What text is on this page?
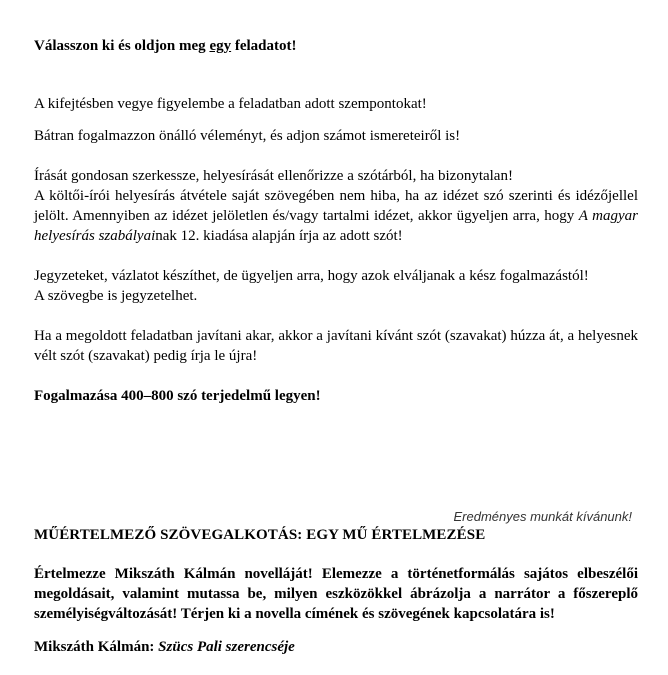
Válasszon ki és oldjon meg egy feladatot!

A kifejtésben vegye figyelembe a feladatban adott szempontokat!

Bátran fogalmazzon önálló véleményt, és adjon számot ismereteiről is!

Írását gondosan szerkessze, helyesírását ellenőrizze a szótárból, ha bizonytalan!

A költői-írói helyesírás átvétele saját szövegében nem hiba, ha az idézet szó szerinti és idézőjellel jelölt. Amennyiben az idézet jelöletlen és/vagy tartalmi idézet, akkor ügyeljen arra, hogy A magyar helyesírás szabályainak 12. kiadása alapján írja az adott szót!

Jegyzeteket, vázlatot készíthet, de ügyeljen arra, hogy azok elváljanak a kész fogalmazástól!

A szövegbe is jegyzetelhet.

Ha a megoldott feladatban javítani akar, akkor a javítani kívánt szót (szavakat) húzza át, a helyesnek vélt szót (szavakat) pedig írja le újra!

Fogalmazása 400–800 szó terjedelmű legyen!

Eredményes munkát kívánunk!
MŰÉRTELMEZŐ SZÖVEGALKOTÁS: EGY MŰ ÉRTELMEZÉSE
Értelmezze Mikszáth Kálmán novelláját! Elemezze a történetformálás sajátos elbeszélői megoldásait, valamint mutassa be, milyen eszközökkel ábrázolja a narrátor a főszereplő személyiségváltozását! Térjen ki a novella címének és szövegének kapcsolatára is!
Mikszáth Kálmán: Szücs Pali szerencséje
